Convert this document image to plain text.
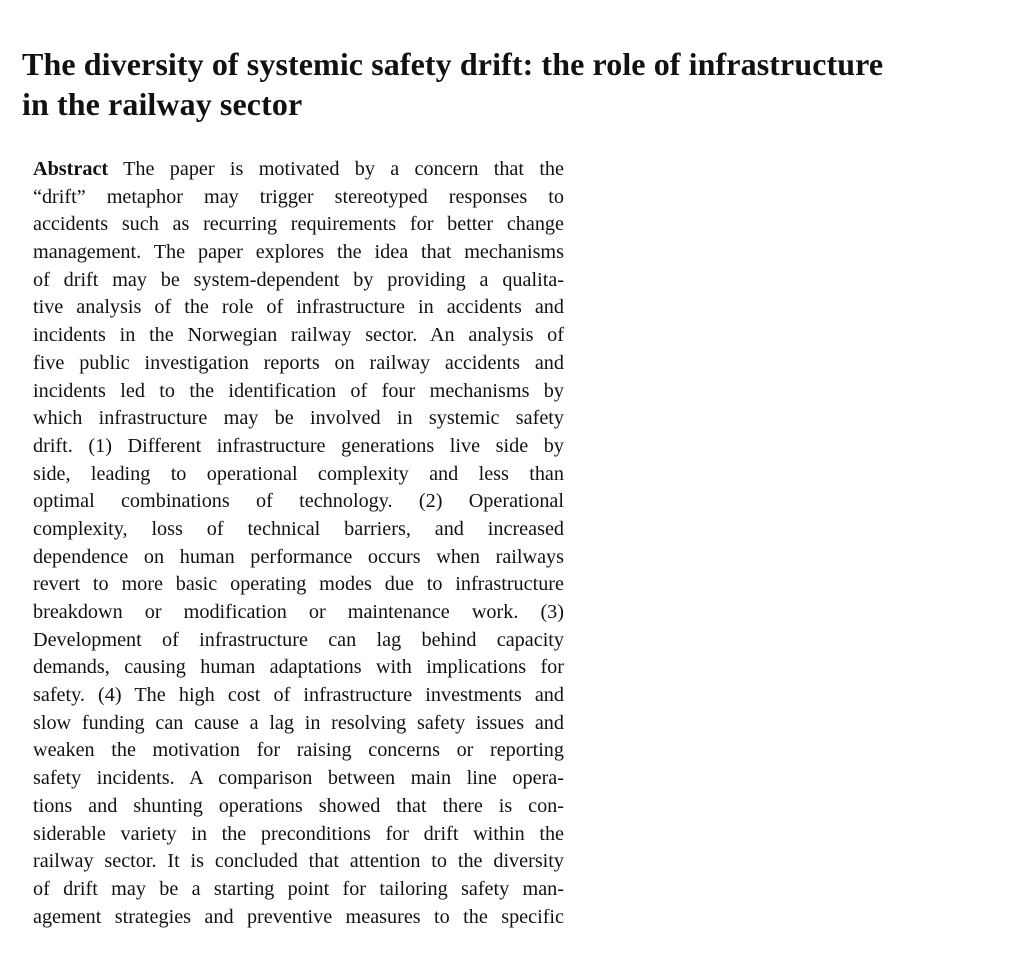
The diversity of systemic safety drift: the role of infrastructure
in the railway sector
Abstract The paper is motivated by a concern that the
“drift” metaphor may trigger stereotyped responses to
accidents such as recurring requirements for better change
management. The paper explores the idea that mechanisms
of drift may be system-dependent by providing a qualita-
tive analysis of the role of infrastructure in accidents and
incidents in the Norwegian railway sector. An analysis of
five public investigation reports on railway accidents and
incidents led to the identification of four mechanisms by
which infrastructure may be involved in systemic safety
drift. (1) Different infrastructure generations live side by
side, leading to operational complexity and less than
optimal combinations of technology. (2) Operational
complexity, loss of technical barriers, and increased
dependence on human performance occurs when railways
revert to more basic operating modes due to infrastructure
breakdown or modification or maintenance work. (3)
Development of infrastructure can lag behind capacity
demands, causing human adaptations with implications for
safety. (4) The high cost of infrastructure investments and
slow funding can cause a lag in resolving safety issues and
weaken the motivation for raising concerns or reporting
safety incidents. A comparison between main line opera-
tions and shunting operations showed that there is con-
siderable variety in the preconditions for drift within the
railway sector. It is concluded that attention to the diversity
of drift may be a starting point for tailoring safety man-
agement strategies and preventive measures to the specific
